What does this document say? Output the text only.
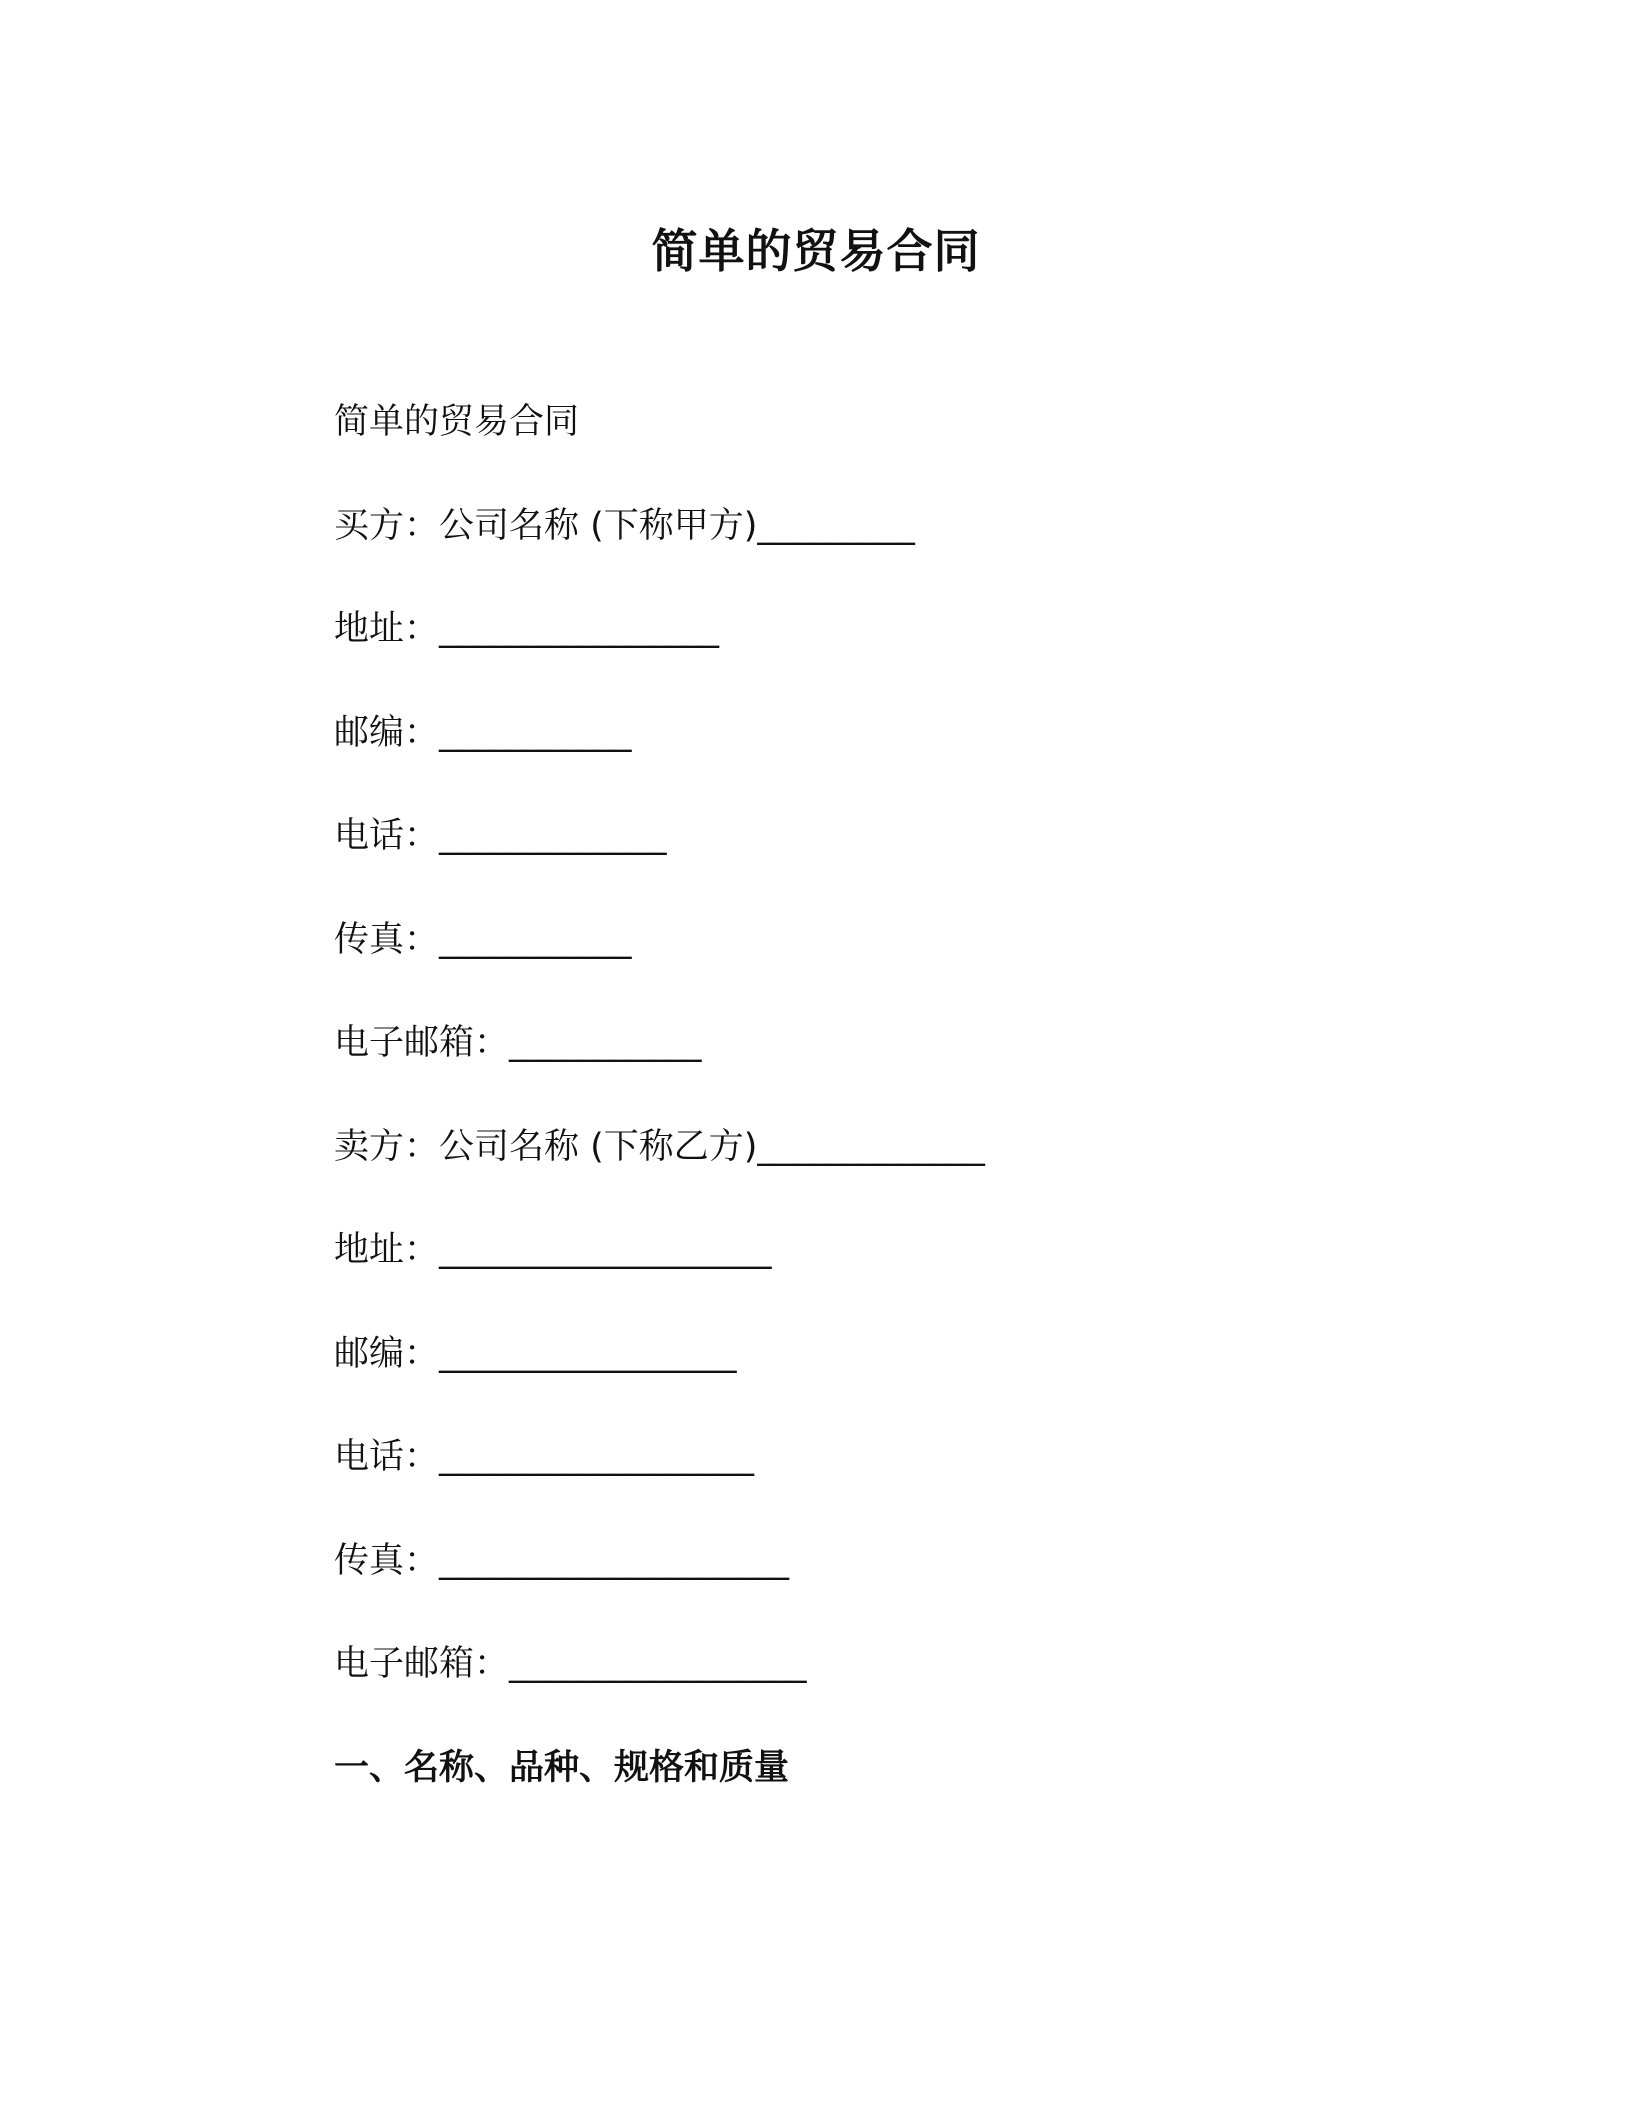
简单的贸易合同
简单的贸易合同
买方：公司名称 (下称甲方)_________
地址：________________
邮编：___________
电话：_____________
传真：___________
电子邮箱：___________
卖方：公司名称 (下称乙方)_____________
地址：___________________
邮编：_________________
电话：__________________
传真：____________________
电子邮箱：_________________
一、名称、品种、规格和质量
